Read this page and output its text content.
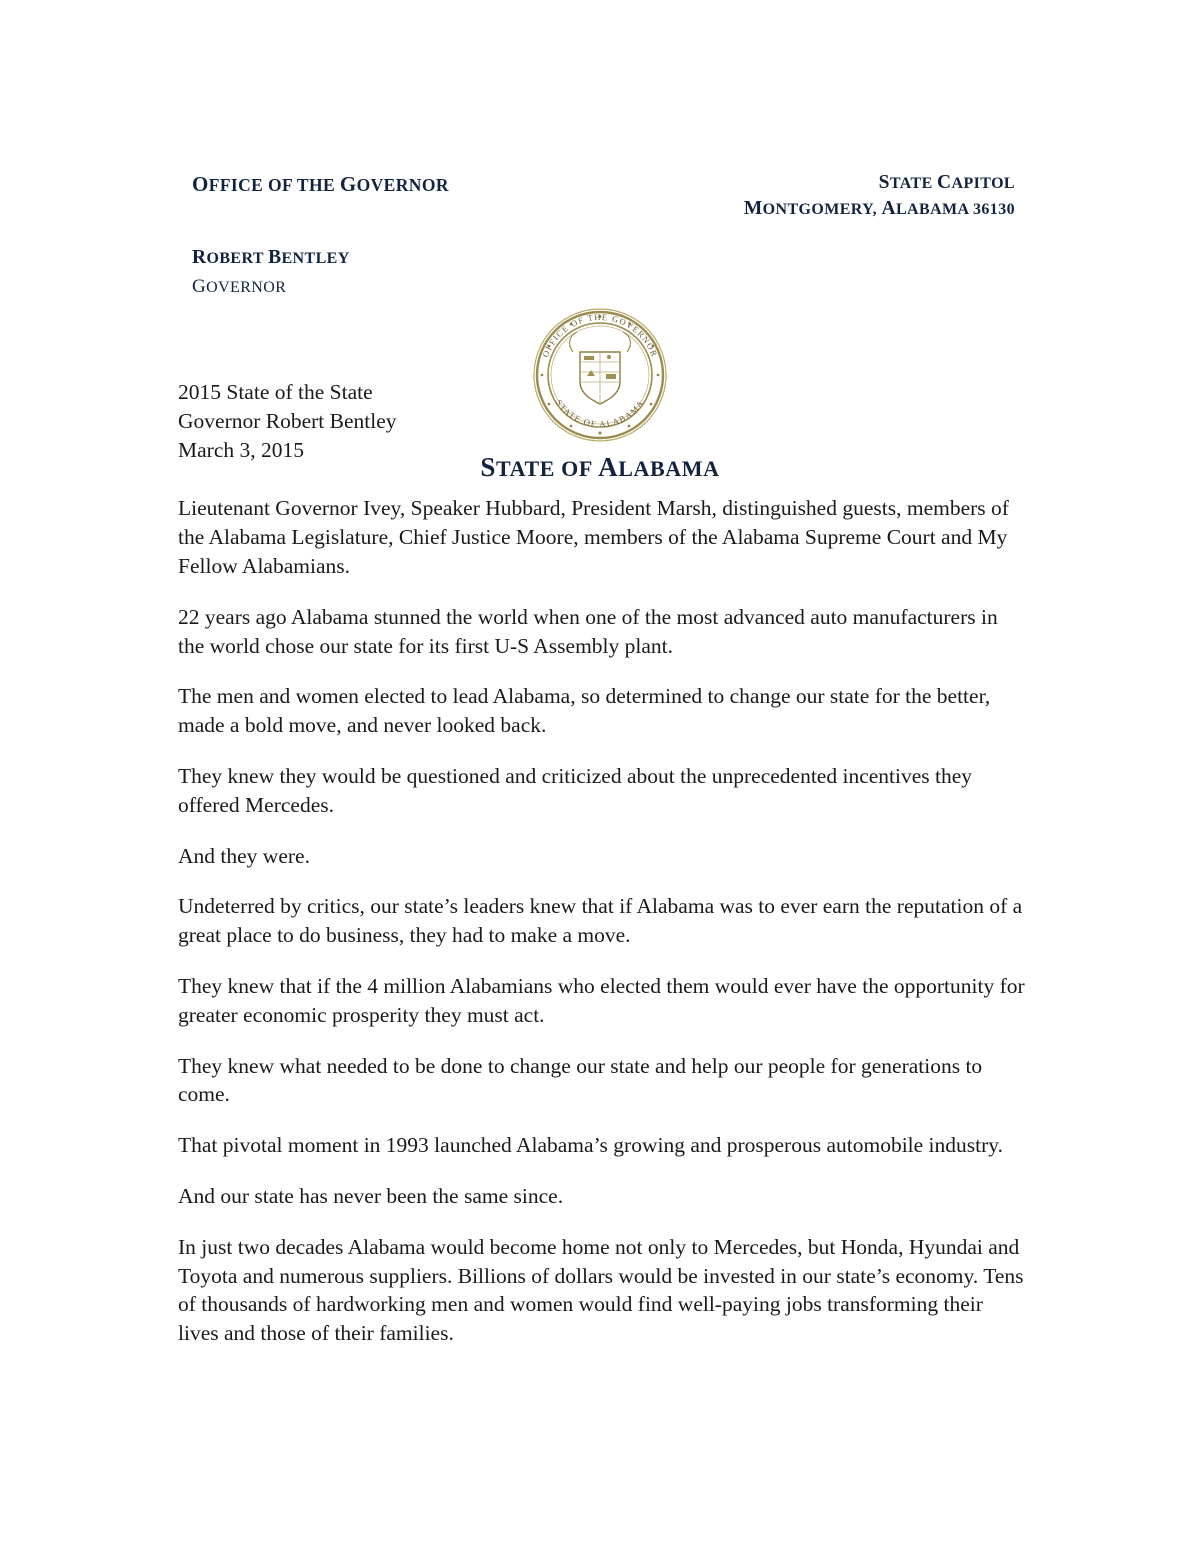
OFFICE OF THE GOVERNOR
ROBERT BENTLEY
GOVERNOR
STATE CAPITOL
MONTGOMERY, ALABAMA 36130
OFFICE OF THE GOVERNOR
STATE OF ALABAMA
STATE OF ALABAMA
2015 State of the State
Governor Robert Bentley
March 3, 2015

Lieutenant Governor Ivey, Speaker Hubbard, President Marsh, distinguished guests, members of the Alabama Legislature, Chief Justice Moore, members of the Alabama Supreme Court and My Fellow Alabamians.

22 years ago Alabama stunned the world when one of the most advanced auto manufacturers in the world chose our state for its first U-S Assembly plant.

The men and women elected to lead Alabama, so determined to change our state for the better, made a bold move, and never looked back.

They knew they would be questioned and criticized about the unprecedented incentives they offered Mercedes.

And they were.

Undeterred by critics, our state’s leaders knew that if Alabama was to ever earn the reputation of a great place to do business, they had to make a move.

They knew that if the 4 million Alabamians who elected them would ever have the opportunity for greater economic prosperity they must act.

They knew what needed to be done to change our state and help our people for generations to come.

That pivotal moment in 1993 launched Alabama’s growing and prosperous automobile industry.

And our state has never been the same since.

In just two decades Alabama would become home not only to Mercedes, but Honda, Hyundai and Toyota and numerous suppliers. Billions of dollars would be invested in our state’s economy. Tens of thousands of hardworking men and women would find well-paying jobs transforming their lives and those of their families.
